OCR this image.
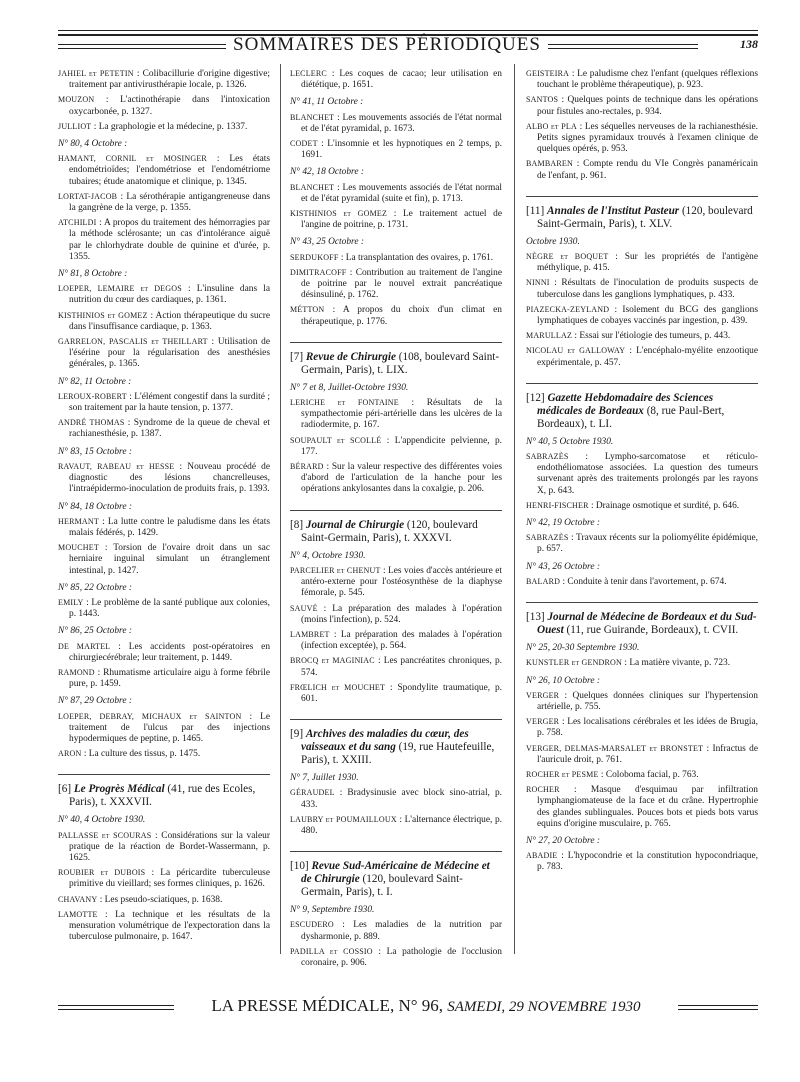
SOMMAIRES DES PÉRIODIQUES	138
JAHIEL et PETETIN : Colibacillurie d'origine digestive; traitement par antivirusthérapie locale, p. 1326.
MOUZON : L'actinothérapie dans l'intoxication oxycarbonée, p. 1327.
JULLIOT : La graphologie et la médecine, p. 1337.
N° 80, 4 Octobre :
HAMANT, CORNIL et MOSINGER : Les états endométrioïdes; l'endométriose et l'endométriome tubaires; étude anatomique et clinique, p. 1345.
LORTAT-JACOB : La sérothérapie antigangreneuse dans la gangrène de la verge, p. 1355.
ATCHILDI : A propos du traitement des hémorragies par la méthode sclérosante; un cas d'intolérance aiguë par le chlorhydrate double de quinine et d'urée, p. 1355.
N° 81, 8 Octobre :
LOEPER, LEMAIRE et DEGOS : L'insuline dans la nutrition du cœur des cardiaques, p. 1361.
KISTHINIOS et GOMEZ : Action thérapeutique du sucre dans l'insuffisance cardiaque, p. 1363.
GARRELON, PASCALIS et THEILLART : Utilisation de l'ésérine pour la régularisation des anesthésies générales, p. 1365.
N° 82, 11 Octobre :
LEROUX-ROBERT : L'élément congestif dans la surdité ; son traitement par la haute tension, p. 1377.
ANDRÉ THOMAS : Syndrome de la queue de cheval et rachianesthésie, p. 1387.
N° 83, 15 Octobre :
RAVAUT, RABEAU et HESSE : Nouveau procédé de diagnostic des lésions chancrelleuses, l'intraépidermo-inoculation de produits frais, p. 1393.
N° 84, 18 Octobre :
HERMANT : La lutte contre le paludisme dans les états malais fédérés, p. 1429.
MOUCHET : Torsion de l'ovaire droit dans un sac herniaire inguinal simulant un étranglement intestinal, p. 1427.
N° 85, 22 Octobre :
EMILY : Le problème de la santé publique aux colonies, p. 1443.
N° 86, 25 Octobre :
DE MARTEL : Les accidents post-opératoires en chirurgiecérébrale; leur traitement, p. 1449.
RAMOND : Rhumatisme articulaire aigu à forme fébrile pure, p. 1459.
N° 87, 29 Octobre :
LOEPER, DEBRAY, MICHAUX et SAINTON : Le traitement de l'ulcus par des injections hypodermiques de peptine, p. 1465.
ARON : La culture des tissus, p. 1475.
[6] Le Progrès Médical (41, rue des Ecoles, Paris), t. XXXVII.
N° 40, 4 Octobre 1930.
PALLASSE et SCOURAS : Considérations sur la valeur pratique de la réaction de Bordet-Wassermann, p. 1625.
ROUBIER et DUBOIS : La péricardite tuberculeuse primitive du vieillard; ses formes cliniques, p. 1626.
CHAVANY : Les pseudo-sciatiques, p. 1638.
LAMOTTE : La technique et les résultats de la mensuration volumétrique de l'expectoration dans la tuberculose pulmonaire, p. 1647.
LECLERC : Les coques de cacao; leur utilisation en diététique, p. 1651.
N° 41, 11 Octobre :
BLANCHET : Les mouvements associés de l'état normal et de l'état pyramidal, p. 1673.
CODET : L'insomnie et les hypnotiques en 2 temps, p. 1691.
N° 42, 18 Octobre :
BLANCHET : Les mouvements associés de l'état normal et de l'état pyramidal (suite et fin), p. 1713.
KISTHINIOS et GOMEZ : Le traitement actuel de l'angine de poitrine, p. 1731.
N° 43, 25 Octobre :
SERDUKOFF : La transplantation des ovaires, p. 1761.
DIMITRACOFF : Contribution au traitement de l'angine de poitrine par le nouvel extrait pancréatique désinsuliné, p. 1762.
MÉTTON : A propos du choix d'un climat en thérapeutique, p. 1776.
[7] Revue de Chirurgie (108, boulevard Saint-Germain, Paris), t. LIX.
N° 7 et 8, Juillet-Octobre 1930.
LERICHE et FONTAINE : Résultats de la sympathectomie péri-artérielle dans les ulcères de la radiodermite, p. 167.
SOUPAULT et SCOLLÉ : L'appendicite pelvienne, p. 177.
BÉRARD : Sur la valeur respective des différentes voies d'abord de l'articulation de la hanche pour les opérations ankylosantes dans la coxalgie, p. 206.
[8] Journal de Chirurgie (120, boulevard Saint-Germain, Paris), t. XXXVI.
N° 4, Octobre 1930.
PARCELIER et CHENUT : Les voies d'accès antérieure et antéro-externe pour l'ostéosynthèse de la diaphyse fémorale, p. 545.
SAUVÉ : La préparation des malades à l'opération (moins l'infection), p. 524.
LAMBRET : La préparation des malades à l'opération (infection exceptée), p. 564.
BROCQ et MAGINIAC : Les pancréatites chroniques, p. 574.
FRŒLICH et MOUCHET : Spondylite traumatique, p. 601.
[9] Archives des maladies du cœur, des vaisseaux et du sang (19, rue Hautefeuille, Paris), t. XXIII.
N° 7, Juillet 1930.
GÉRAUDEL : Bradysinusie avec block sino-atrial, p. 433.
LAUBRY et POUMAILLOUX : L'alternance électrique, p. 480.
[10] Revue Sud-Américaine de Médecine et de Chirurgie (120, boulevard Saint-Germain, Paris), t. I.
N° 9, Septembre 1930.
ESCUDERO : Les maladies de la nutrition par dysharmonie, p. 889.
PADILLA et COSSIO : La pathologie de l'occlusion coronaire, p. 906.
GEISTEIRA : Le paludisme chez l'enfant (quelques réflexions touchant le problème thérapeutique), p. 923.
SANTOS : Quelques points de technique dans les opérations pour fistules ano-rectales, p. 934.
ALBO et PLA : Les séquelles nerveuses de la rachianesthésie. Petits signes pyramidaux trouvés à l'examen clinique de quelques opérés, p. 953.
BAMBAREN : Compte rendu du VIe Congrès panaméricain de l'enfant, p. 961.
[11] Annales de l'Institut Pasteur (120, boulevard Saint-Germain, Paris), t. XLV.
Octobre 1930.
NÈGRE et BOQUET : Sur les propriétés de l'antigène méthylique, p. 415.
NINNI : Résultats de l'inoculation de produits suspects de tuberculose dans les ganglions lymphatiques, p. 433.
PIAZECKA-ZEYLAND : Isolement du BCG des ganglions lymphatiques de cobayes vaccinés par ingestion, p. 439.
MARULLAZ : Essai sur l'étiologie des tumeurs, p. 443.
NICOLAU et GALLOWAY : L'encéphalo-myélite enzootique expérimentale, p. 457.
[12] Gazette Hebdomadaire des Sciences médicales de Bordeaux (8, rue Paul-Bert, Bordeaux), t. LI.
N° 40, 5 Octobre 1930.
SABRAZÈS : Lympho-sarcomatose et réticulo-endothéliomatose associées. La question des tumeurs survenant après des traitements prolongés par les rayons X, p. 643.
HENRI-FISCHER : Drainage osmotique et surdité, p. 646.
N° 42, 19 Octobre :
SABRAZÈS : Travaux récents sur la poliomyélite épidémique, p. 657.
N° 43, 26 Octobre :
BALARD : Conduite à tenir dans l'avortement, p. 674.
[13] Journal de Médecine de Bordeaux et du Sud-Ouest (11, rue Guirande, Bordeaux), t. CVII.
N° 25, 20-30 Septembre 1930.
KUNSTLER et GENDRON : La matière vivante, p. 723.
N° 26, 10 Octobre :
VERGER : Quelques données cliniques sur l'hypertension artérielle, p. 755.
VERGER : Les localisations cérébrales et les idées de Brugia, p. 758.
VERGER, DELMAS-MARSALET et BRONSTET : Infractus de l'auricule droit, p. 761.
ROCHER et PESME : Coloboma facial, p. 763.
ROCHER : Masque d'esquimau par infiltration lymphangiomateuse de la face et du crâne. Hypertrophie des glandes sublinguales. Pouces bots et pieds bots varus equins d'origine musculaire, p. 765.
N° 27, 20 Octobre :
ABADIE : L'hypocondrie et la constitution hypocondriaque, p. 783.
LA PRESSE MÉDICALE, N° 96, SAMEDI, 29 NOVEMBRE 1930
